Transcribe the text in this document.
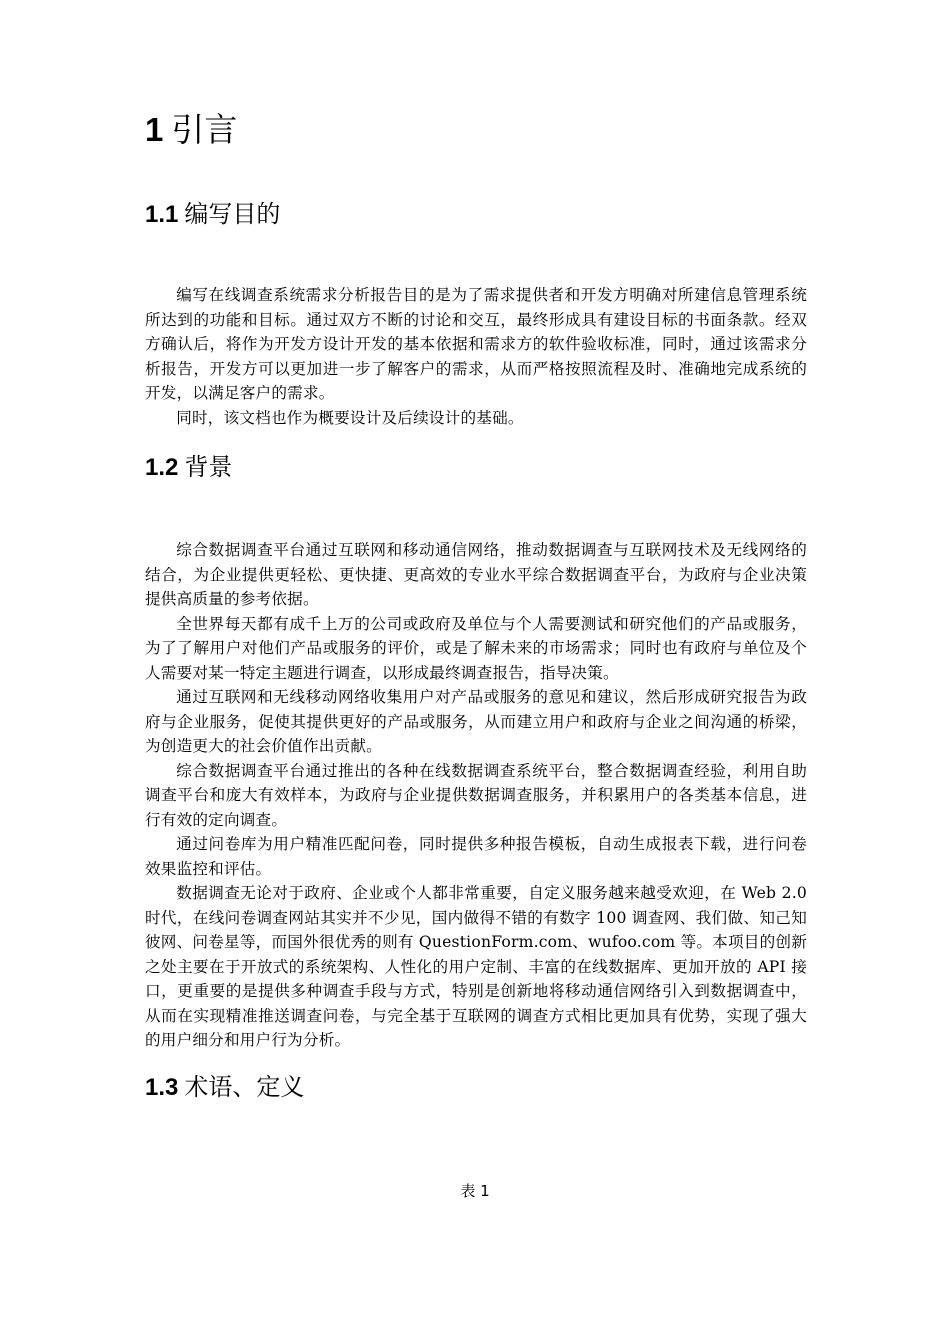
1 引言
1.1 编写目的

编写在线调查系统需求分析报告目的是为了需求提供者和开发方明确对所建信息管理系统所达到的功能和目标。通过双方不断的讨论和交互，最终形成具有建设目标的书面条款。经双方确认后，将作为开发方设计开发的基本依据和需求方的软件验收标准，同时，通过该需求分析报告，开发方可以更加进一步了解客户的需求，从而严格按照流程及时、准确地完成系统的开发，以满足客户的需求。

同时，该文档也作为概要设计及后续设计的基础。

1.2 背景

综合数据调查平台通过互联网和移动通信网络，推动数据调查与互联网技术及无线网络的结合，为企业提供更轻松、更快捷、更高效的专业水平综合数据调查平台，为政府与企业决策提供高质量的参考依据。

全世界每天都有成千上万的公司或政府及单位与个人需要测试和研究他们的产品或服务，为了了解用户对他们产品或服务的评价，或是了解未来的市场需求；同时也有政府与单位及个人需要对某一特定主题进行调查，以形成最终调查报告，指导决策。

通过互联网和无线移动网络收集用户对产品或服务的意见和建议，然后形成研究报告为政府与企业服务，促使其提供更好的产品或服务，从而建立用户和政府与企业之间沟通的桥梁，为创造更大的社会价值作出贡献。

综合数据调查平台通过推出的各种在线数据调查系统平台，整合数据调查经验，利用自助调查平台和庞大有效样本，为政府与企业提供数据调查服务，并积累用户的各类基本信息，进行有效的定向调查。

通过问卷库为用户精准匹配问卷，同时提供多种报告模板，自动生成报表下载，进行问卷效果监控和评估。

数据调查无论对于政府、企业或个人都非常重要，自定义服务越来越受欢迎，在 Web 2.0 时代，在线问卷调查网站其实并不少见，国内做得不错的有数字 100 调查网、我们做、知己知彼网、问卷星等，而国外很优秀的则有 QuestionForm.com、wufoo.com 等。本项目的创新之处主要在于开放式的系统架构、人性化的用户定制、丰富的在线数据库、更加开放的 API 接口，更重要的是提供多种调查手段与方式，特别是创新地将移动通信网络引入到数据调查中，从而在实现精准推送调查问卷，与完全基于互联网的调查方式相比更加具有优势，实现了强大的用户细分和用户行为分析。

1.3 术语、定义
表 1
